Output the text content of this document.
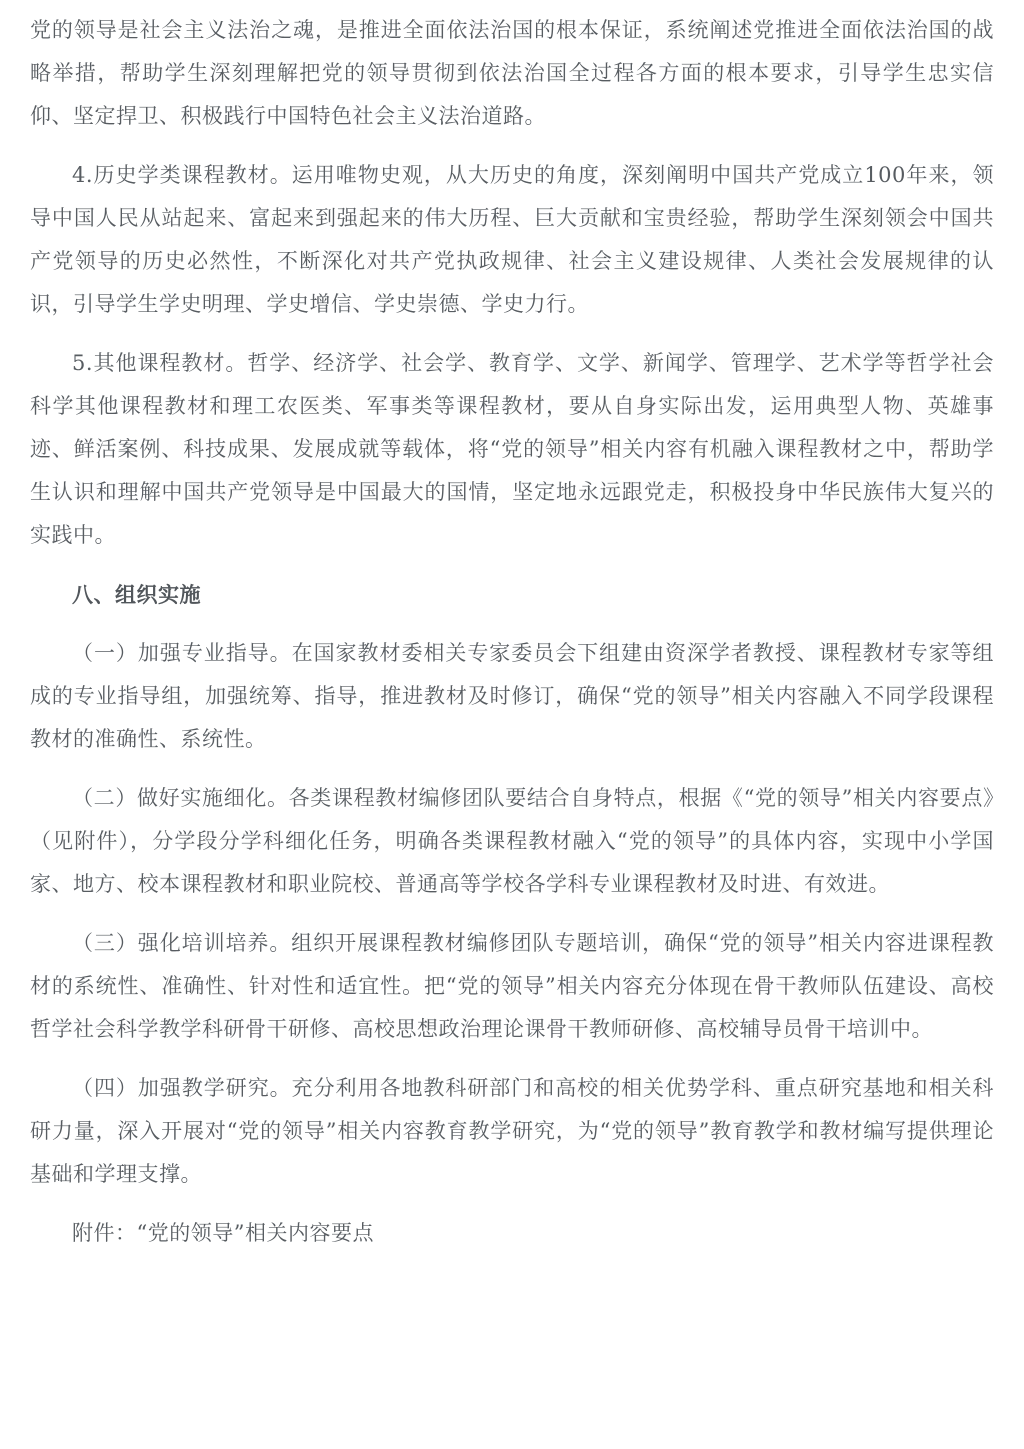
党的领导是社会主义法治之魂，是推进全面依法治国的根本保证，系统阐述党推进全面依法治国的战略举措，帮助学生深刻理解把党的领导贯彻到依法治国全过程各方面的根本要求，引导学生忠实信仰、坚定捍卫、积极践行中国特色社会主义法治道路。

4.历史学类课程教材。运用唯物史观，从大历史的角度，深刻阐明中国共产党成立100年来，领导中国人民从站起来、富起来到强起来的伟大历程、巨大贡献和宝贵经验，帮助学生深刻领会中国共产党领导的历史必然性，不断深化对共产党执政规律、社会主义建设规律、人类社会发展规律的认识，引导学生学史明理、学史增信、学史崇德、学史力行。

5.其他课程教材。哲学、经济学、社会学、教育学、文学、新闻学、管理学、艺术学等哲学社会科学其他课程教材和理工农医类、军事类等课程教材，要从自身实际出发，运用典型人物、英雄事迹、鲜活案例、科技成果、发展成就等载体，将“党的领导”相关内容有机融入课程教材之中，帮助学生认识和理解中国共产党领导是中国最大的国情，坚定地永远跟党走，积极投身中华民族伟大复兴的实践中。

八、组织实施

（一）加强专业指导。在国家教材委相关专家委员会下组建由资深学者教授、课程教材专家等组成的专业指导组，加强统筹、指导，推进教材及时修订，确保“党的领导”相关内容融入不同学段课程教材的准确性、系统性。

（二）做好实施细化。各类课程教材编修团队要结合自身特点，根据《“党的领导”相关内容要点》（见附件），分学段分学科细化任务，明确各类课程教材融入“党的领导”的具体内容，实现中小学国家、地方、校本课程教材和职业院校、普通高等学校各学科专业课程教材及时进、有效进。

（三）强化培训培养。组织开展课程教材编修团队专题培训，确保“党的领导”相关内容进课程教材的系统性、准确性、针对性和适宜性。把“党的领导”相关内容充分体现在骨干教师队伍建设、高校哲学社会科学教学科研骨干研修、高校思想政治理论课骨干教师研修、高校辅导员骨干培训中。

（四）加强教学研究。充分利用各地教科研部门和高校的相关优势学科、重点研究基地和相关科研力量，深入开展对“党的领导”相关内容教育教学研究，为“党的领导”教育教学和教材编写提供理论基础和学理支撑。

附件：“党的领导”相关内容要点
